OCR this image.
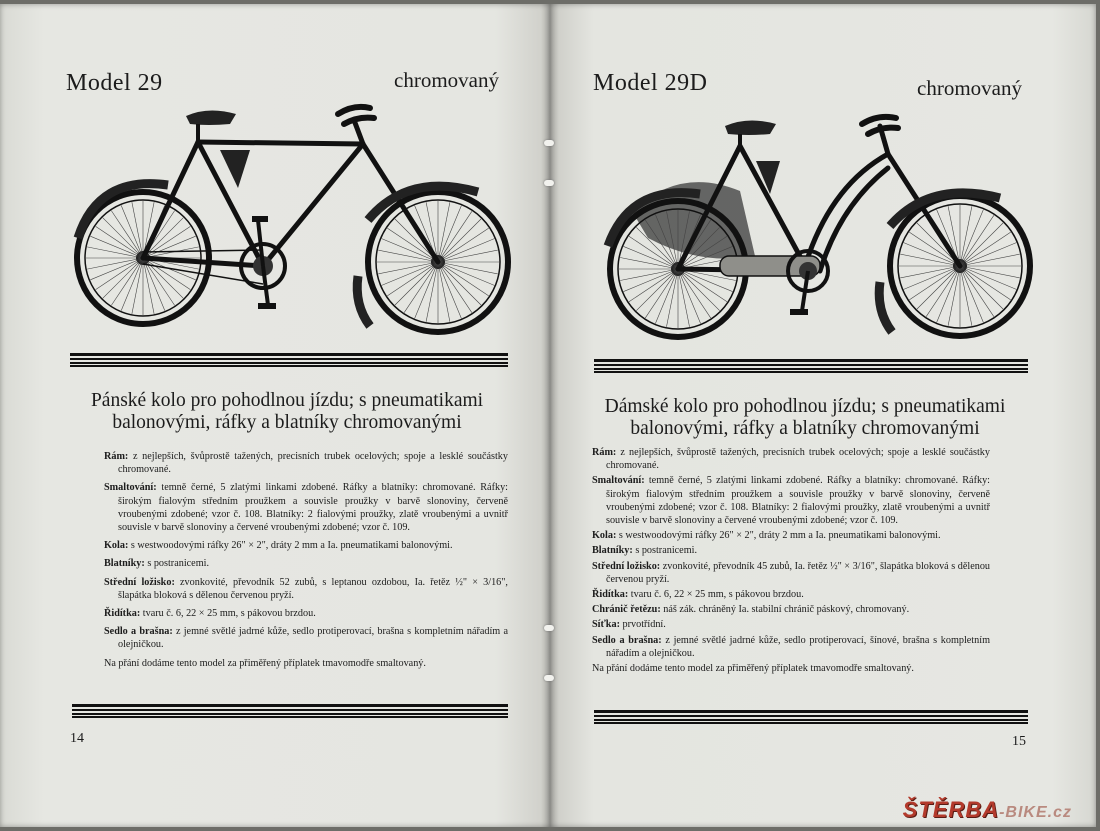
Model 29	chromovaný
Pánské kolo pro pohodlnou jízdu; s pneumatikami balonovými, ráfky a blatníky chromovanými
Rám: z nejlepších, švůprostě tažených, precisních trubek ocelových; spoje a lesklé součástky chromované.
Smaltování: temně černé, 5 zlatými linkami zdobené. Ráfky a blatníky: chromované. Ráfky: širokým fialovým středním proužkem a souvisle proužky v barvě slonoviny, červeně vroubenými zdobené; vzor č. 108. Blatníky: 2 fialovými proužky, zlatě vroubenými a uvnitř souvisle v barvě slonoviny a červené vroubenými zdobené; vzor č. 109.
Kola: s westwoodovými ráfky 26" × 2", dráty 2 mm a Ia. pneumatikami balonovými.
Blatníky: s postranicemi.
Střední ložisko: zvonkovité, převodník 52 zubů, s leptanou ozdobou, Ia. řetěz ½" × 3/16", šlapátka bloková s dělenou červenou pryží.
Řidítka: tvaru č. 6, 22 × 25 mm, s pákovou brzdou.
Sedlo a brašna: z jemné světlé jadrné kůže, sedlo protiperovací, brašna s kompletním nářadím a olejničkou.
Na přání dodáme tento model za přiměřený příplatek tmavomodře smaltovaný.
14
Model 29D	chromovaný
Dámské kolo pro pohodlnou jízdu; s pneumatikami balonovými, ráfky a blatníky chromovanými
Rám: z nejlepších, švůprostě tažených, precisních trubek ocelových; spoje a lesklé součástky chromované.
Smaltování: temně černé, 5 zlatými linkami zdobené. Ráfky a blatníky: chromované. Ráfky: širokým fialovým středním proužkem a souvisle proužky v barvě slonoviny, červeně vroubenými zdobené; vzor č. 108. Blatníky: 2 fialovými proužky, zlatě vroubenými a uvnitř souvisle v barvě slonoviny a červené vroubenými zdobené; vzor č. 109.
Kola: s westwoodovými ráfky 26" × 2", dráty 2 mm a Ia. pneumatikami balonovými.
Blatníky: s postranicemi.
Střední ložisko: zvonkovité, převodník 45 zubů, Ia. řetěz ½" × 3/16", šlapátka bloková s dělenou červenou pryží.
Řidítka: tvaru č. 6, 22 × 25 mm, s pákovou brzdou.
Chránič řetězu: náš zák. chráněný Ia. stabilní chránič páskový, chromovaný.
Síťka: prvotřídní.
Sedlo a brašna: z jemné světlé jadrné kůže, sedlo protiperovací, šínové, brašna s kompletním nářadím a olejničkou.
Na přání dodáme tento model za přiměřený příplatek tmavomodře smaltovaný.
15
ŠTĚRBA-BIKE.cz
